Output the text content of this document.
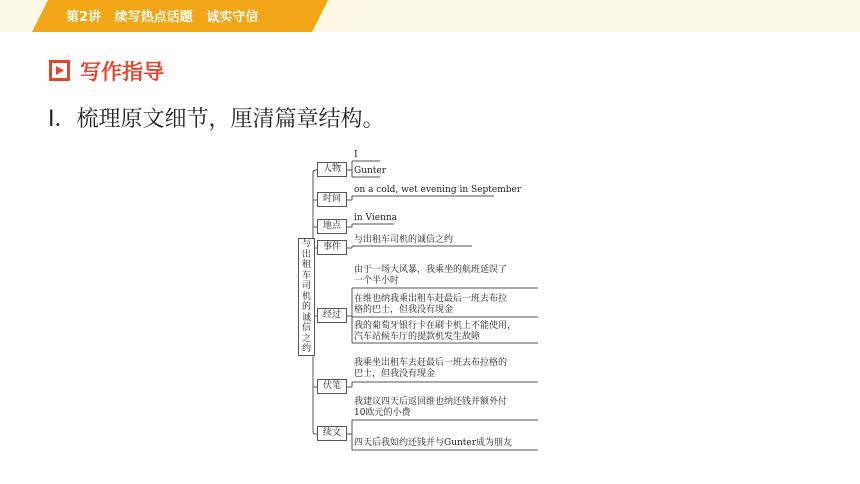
第2讲   续写热点话题   诚实守信
写作指导
Ⅰ．梳理原文细节，厘清篇章结构。
与出租车司机的诚信之约
人物
时间
地点
事件
经过
伏笔
续文
I
Gunter
on a cold, wet evening in September
in Vienna
与出租车司机的诚信之约
由于一场大风暴，我乘坐的航班延误了
一个半小时
在维也纳我乘出租车赶最后一班去布拉
格的巴士，但我没有现金
我的葡萄牙银行卡在刷卡机上不能使用，
汽车站候车厅的提款机发生故障
我乘坐出租车去赶最后一班去布拉格的
巴士，但我没有现金
我建议四天后返回维也纳还钱并额外付
10欧元的小费
四天后我如约还钱并与Gunter成为朋友
